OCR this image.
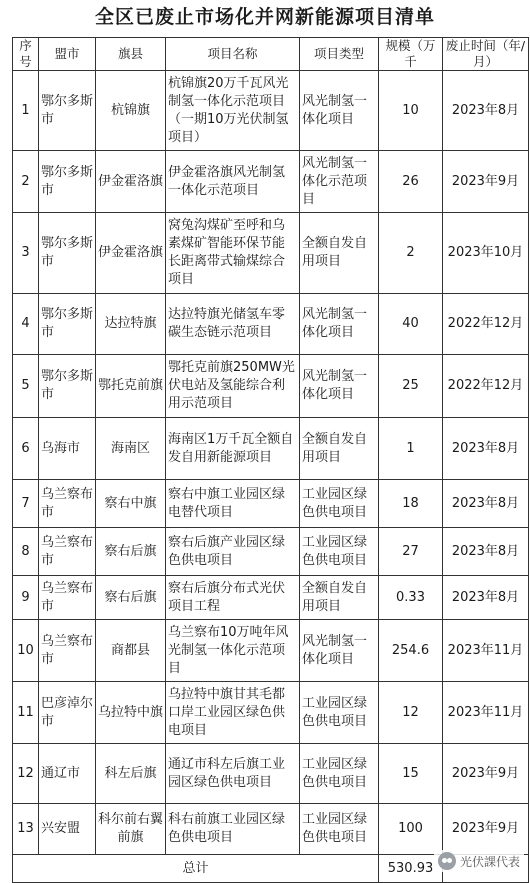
全区已废止市场化并网新能源项目清单
序号	盟市	旗县	项目名称	项目类型	规模（万千	废止时间（年/月）
1	鄂尔多斯市	杭锦旗	杭锦旗20万千瓦风光制氢一体化示范项目（一期10万光伏制氢项目）	风光制氢一体化项目	10	2023年8月
2	鄂尔多斯市	伊金霍洛旗	伊金霍洛旗风光制氢一体化示范项目	风光制氢一体化示范项目	26	2023年9月
3	鄂尔多斯市	伊金霍洛旗	窝兔沟煤矿至呼和乌素煤矿智能环保节能长距离带式输煤综合项目	全额自发自用项目	2	2023年10月
4	鄂尔多斯市	达拉特旗	达拉特旗光储氢车零碳生态链示范项目	风光制氢一体化项目	40	2022年12月
5	鄂尔多斯市	鄂托克前旗	鄂托克前旗250MW光伏电站及氢能综合利用示范项目	风光制氢一体化项目	25	2022年12月
6	乌海市	海南区	海南区1万千瓦全额自发自用新能源项目	全额自发自用项目	1	2023年8月
7	乌兰察布市	察右中旗	察右中旗工业园区绿电替代项目	工业园区绿色供电项目	18	2023年8月
8	乌兰察布市	察右后旗	察右后旗产业园区绿色供电项目	工业园区绿色供电项目	27	2023年8月
9	乌兰察布市	察右后旗	察右后旗分布式光伏项目工程	全额自发自用项目	0.33	2023年8月
10	乌兰察布市	商都县	乌兰察布10万吨年风光制氢一体化示范项目	风光制氢一体化项目	254.6	2023年11月
11	巴彦淖尔市	乌拉特中旗	乌拉特中旗甘其毛都口岸工业园区绿色供电项目	工业园区绿色供电项目	12	2023年11月
12	通辽市	科左后旗	通辽市科左后旗工业园区绿色供电项目	工业园区绿色供电项目	15	2023年9月
13	兴安盟	科尔前右翼前旗	科右前旗工业园区绿色供电项目	工业园区绿色供电项目	100	2023年9月
总计					530.93	光伏課代表
